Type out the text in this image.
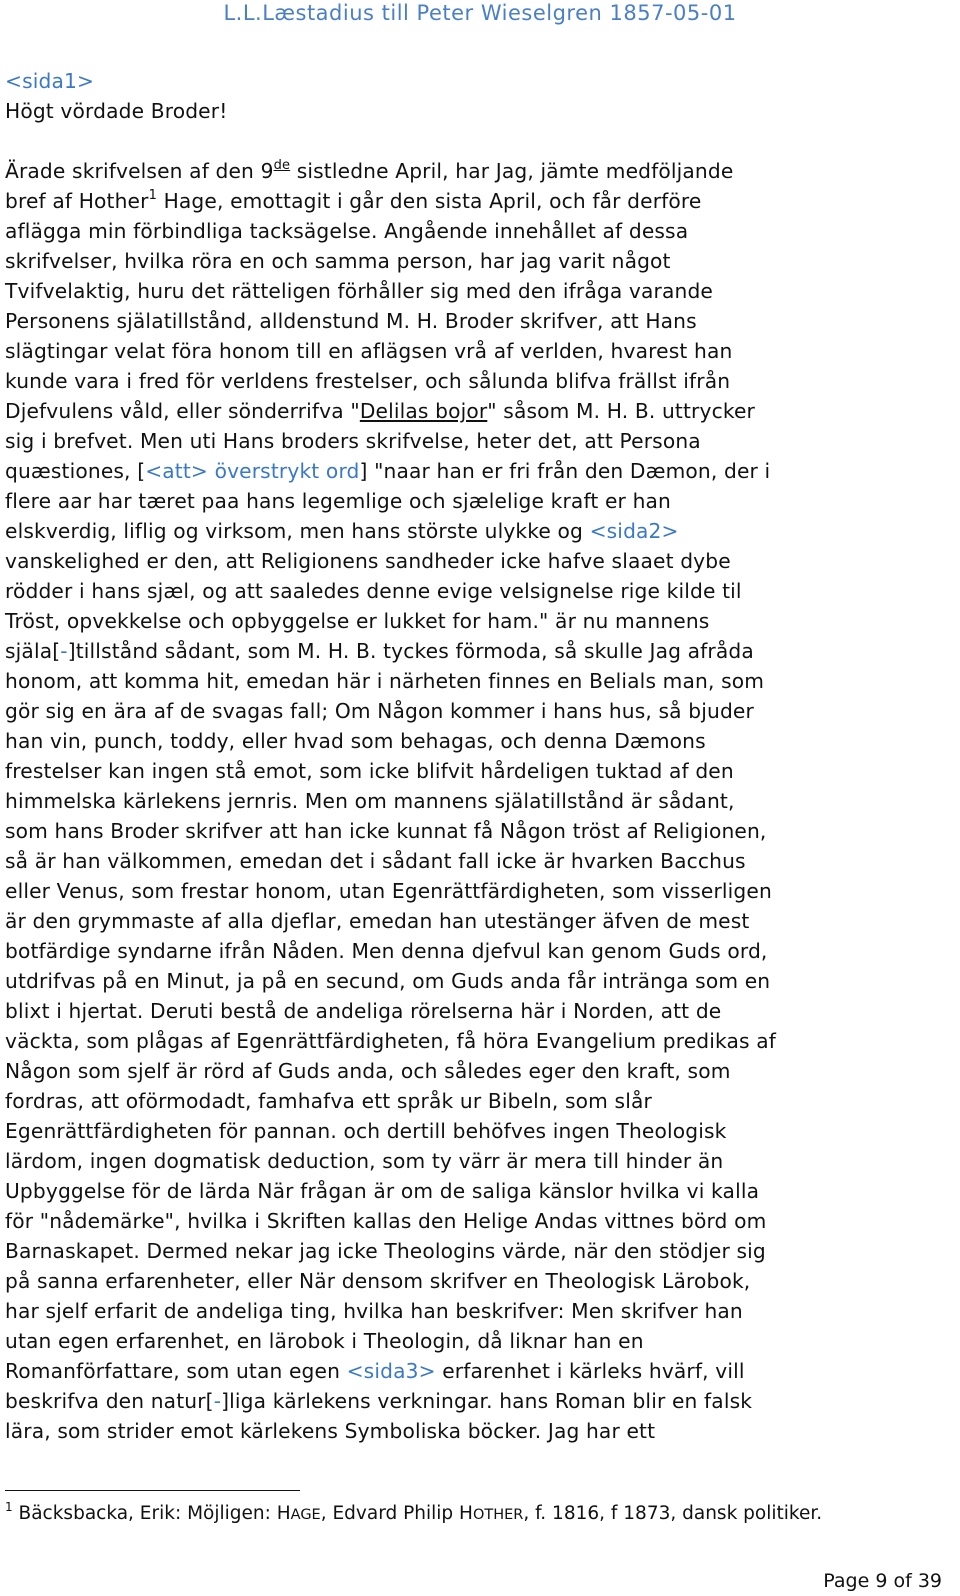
L.L.Læstadius till Peter Wieselgren 1857-05-01
<sida1>
Högt vördade Broder!
Ärade skrifvelsen af den 9de sistledne April, har Jag, jämte medföljande
bref af Hother$^1$ Hage, emottagit i går den sista April, och får derföre
aflägga min förbindliga tacksägelse. Angående innehållet af dessa
skrifvelser, hvilka röra en och samma person, har jag varit något
Tvifvelaktig, huru det rätteligen förhåller sig med den ifråga varande
Personens själatillstånd, alldenstund M. H. Broder skrifver, att Hans
slägtingar velat föra honom till en aflägsen vrå af verlden, hvarest han
kunde vara i fred för verldens frestelser, och sålunda blifva frällst ifrån
Djefvulens våld, eller sönderrifva "Delilas bojor" såsom M. H. B. uttrycker
sig i brefvet. Men uti Hans broders skrifvelse, heter det, att Persona
quæstiones, [<att> överstrykt ord] "naar han er fri från den Dæmon, der i
flere aar har tæret paa hans legemlige och sjælelige kraft er han
elskverdig, liflig og virksom, men hans störste ulykke og <sida2>
vanskelighed er den, att Religionens sandheder icke hafve slaaet dybe
rödder i hans sjæl, og att saaledes denne evige velsignelse rige kilde til
Tröst, opvekkelse och opbyggelse er lukket for ham." är nu mannens
själa[-]tillstånd sådant, som M. H. B. tyckes förmoda, så skulle Jag afråda
honom, att komma hit, emedan här i närheten finnes en Belials man, som
gör sig en ära af de svagas fall; Om Någon kommer i hans hus, så bjuder
han vin, punch, toddy, eller hvad som behagas, och denna Dæmons
frestelser kan ingen stå emot, som icke blifvit hårdeligen tuktad af den
himmelska kärlekens jernris. Men om mannens själatillstånd är sådant,
som hans Broder skrifver att han icke kunnat få Någon tröst af Religionen,
så är han välkommen, emedan det i sådant fall icke är hvarken Bacchus
eller Venus, som frestar honom, utan Egenrättfärdigheten, som visserligen
är den grymmaste af alla djeflar, emedan han utestänger äfven de mest
botfärdige syndarne ifrån Nåden. Men denna djefvul kan genom Guds ord,
utdrifvas på en Minut, ja på en secund, om Guds anda får intränga som en
blixt i hjertat. Deruti bestå de andeliga rörelserna här i Norden, att de
väckta, som plågas af Egenrättfärdigheten, få höra Evangelium predikas af
Någon som sjelf är rörd af Guds anda, och således eger den kraft, som
fordras, att oförmodadt, famhafva ett språk ur Bibeln, som slår
Egenrättfärdigheten för pannan. och dertill behöfves ingen Theologisk
lärdom, ingen dogmatisk deduction, som ty värr är mera till hinder än
Upbyggelse för de lärda När frågan är om de saliga känslor hvilka vi kalla
för "nådemärke", hvilka i Skriften kallas den Helige Andas vittnes börd om
Barnaskapet. Dermed nekar jag icke Theologins värde, när den stödjer sig
på sanna erfarenheter, eller När densom skrifver en Theologisk Lärobok,
har sjelf erfarit de andeliga ting, hvilka han beskrifver: Men skrifver han
utan egen erfarenhet, en lärobok i Theologin, då liknar han en
Romanförfattare, som utan egen <sida3> erfarenhet i kärleks hvärf, vill
beskrifva den natur[-]liga kärlekens verkningar. hans Roman blir en falsk
lära, som strider emot kärlekens Symboliska böcker. Jag har ett
$^1$ Bäcksbacka, Erik: Möjligen: HAGE, Edvard Philip HOTHER, f. 1816, f 1873, dansk politiker.
Page 9 of 39
